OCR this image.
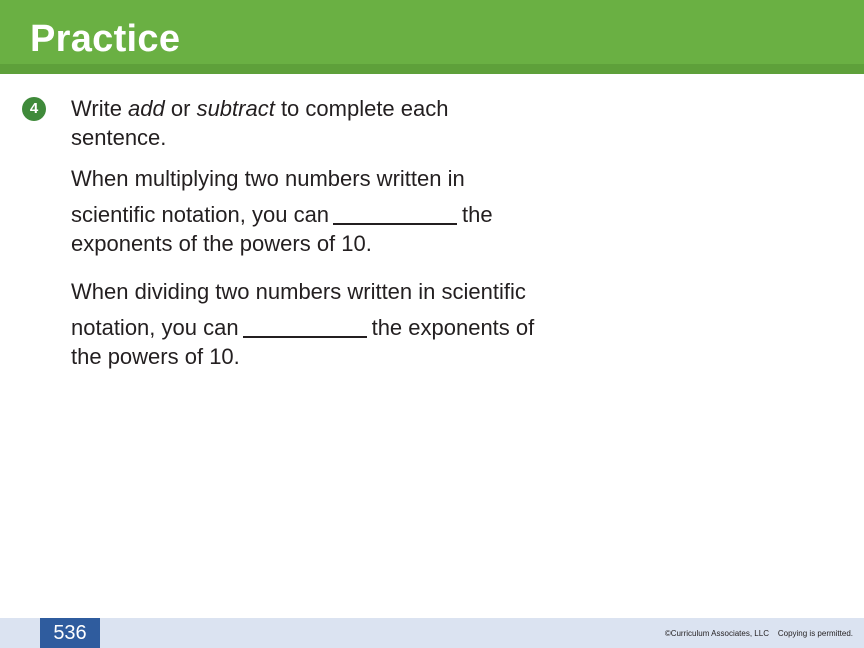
Practice
4	Write add or subtract to complete each
sentence.
When multiplying two numbers written in
scientific notation, you can	the
exponents of the powers of 10.
When dividing two numbers written in scientific
notation, you can	the exponents of
the powers of 10.
536	©Curriculum Associates, LLC    Copying is permitted.
